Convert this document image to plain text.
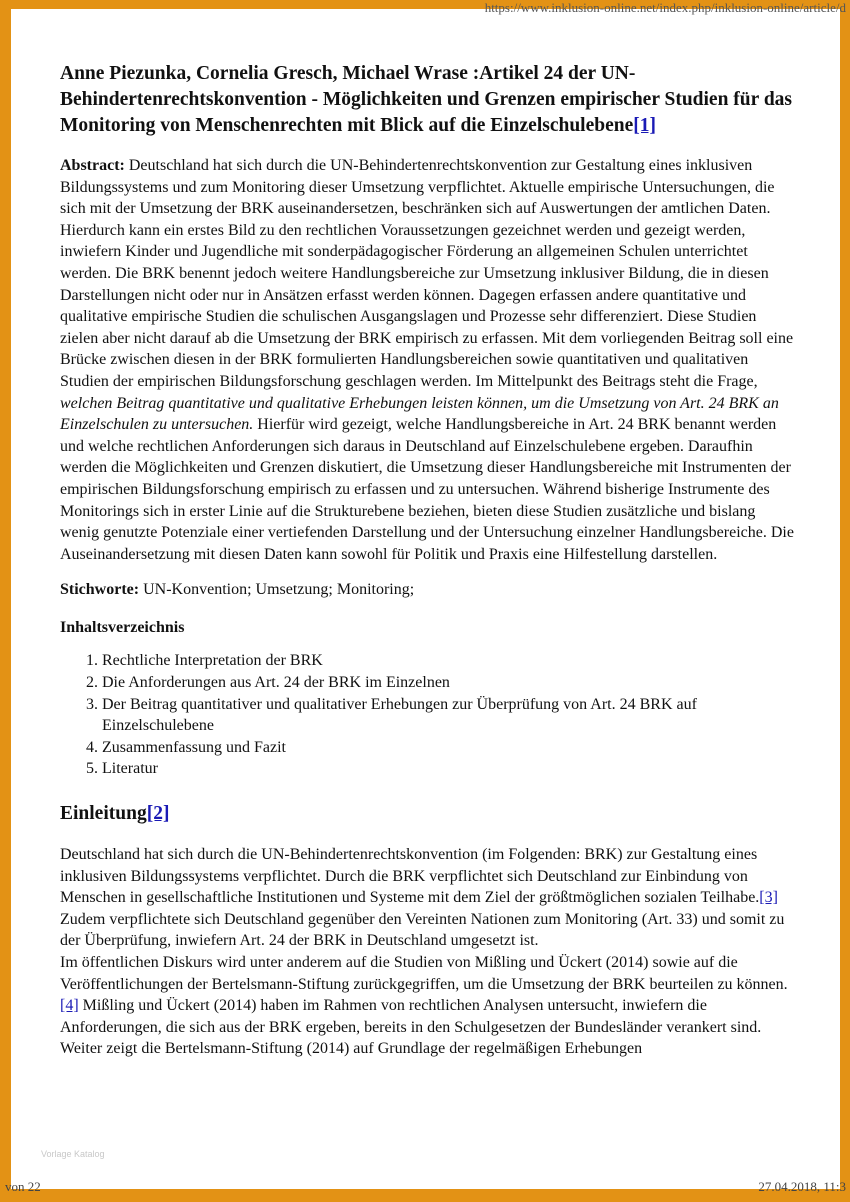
https://www.inklusion-online.net/index.php/inklusion-online/article/d
Anne Piezunka, Cornelia Gresch, Michael Wrase :Artikel 24 der UN-Behindertenrechtskonvention - Möglichkeiten und Grenzen empirischer Studien für das Monitoring von Menschenrechten mit Blick auf die Einzelschulebene[1]

Abstract: Deutschland hat sich durch die UN-Behindertenrechtskonvention zur Gestaltung eines inklusiven Bildungssystems und zum Monitoring dieser Umsetzung verpflichtet. Aktuelle empirische Untersuchungen, die sich mit der Umsetzung der BRK auseinandersetzen, beschränken sich auf Auswertungen der amtlichen Daten. Hierdurch kann ein erstes Bild zu den rechtlichen Voraussetzungen gezeichnet werden und gezeigt werden, inwiefern Kinder und Jugendliche mit sonderpädagogischer Förderung an allgemeinen Schulen unterrichtet werden. Die BRK benennt jedoch weitere Handlungsbereiche zur Umsetzung inklusiver Bildung, die in diesen Darstellungen nicht oder nur in Ansätzen erfasst werden können. Dagegen erfassen andere quantitative und qualitative empirische Studien die schulischen Ausgangslagen und Prozesse sehr differenziert. Diese Studien zielen aber nicht darauf ab die Umsetzung der BRK empirisch zu erfassen. Mit dem vorliegenden Beitrag soll eine Brücke zwischen diesen in der BRK formulierten Handlungsbereichen sowie quantitativen und qualitativen Studien der empirischen Bildungsforschung geschlagen werden. Im Mittelpunkt des Beitrags steht die Frage, welchen Beitrag quantitative und qualitative Erhebungen leisten können, um die Umsetzung von Art. 24 BRK an Einzelschulen zu untersuchen. Hierfür wird gezeigt, welche Handlungsbereiche in Art. 24 BRK benannt werden und welche rechtlichen Anforderungen sich daraus in Deutschland auf Einzelschulebene ergeben. Daraufhin werden die Möglichkeiten und Grenzen diskutiert, die Umsetzung dieser Handlungsbereiche mit Instrumenten der empirischen Bildungsforschung empirisch zu erfassen und zu untersuchen. Während bisherige Instrumente des Monitorings sich in erster Linie auf die Strukturebene beziehen, bieten diese Studien zusätzliche und bislang wenig genutzte Potenziale einer vertiefenden Darstellung und der Untersuchung einzelner Handlungsbereiche. Die Auseinandersetzung mit diesen Daten kann sowohl für Politik und Praxis eine Hilfestellung darstellen.

Stichworte: UN-Konvention; Umsetzung; Monitoring;

Inhaltsverzeichnis

1. Rechtliche Interpretation der BRK
2. Die Anforderungen aus Art. 24 der BRK im Einzelnen
3. Der Beitrag quantitativer und qualitativer Erhebungen zur Überprüfung von Art. 24 BRK auf Einzelschulebene
4. Zusammenfassung und Fazit
5. Literatur
Einleitung[2]

Deutschland hat sich durch die UN-Behindertenrechtskonvention (im Folgenden: BRK) zur Gestaltung eines inklusiven Bildungssystems verpflichtet. Durch die BRK verpflichtet sich Deutschland zur Einbindung von Menschen in gesellschaftliche Institutionen und Systeme mit dem Ziel der größtmöglichen sozialen Teilhabe.[3] Zudem verpflichtete sich Deutschland gegenüber den Vereinten Nationen zum Monitoring (Art. 33) und somit zu der Überprüfung, inwiefern Art. 24 der BRK in Deutschland umgesetzt ist.

Im öffentlichen Diskurs wird unter anderem auf die Studien von Mißling und Ückert (2014) sowie auf die Veröffentlichungen der Bertelsmann-Stiftung zurückgegriffen, um die Umsetzung der BRK beurteilen zu können.[4] Mißling und Ückert (2014) haben im Rahmen von rechtlichen Analysen untersucht, inwiefern die Anforderungen, die sich aus der BRK ergeben, bereits in den Schulgesetzen der Bundesländer verankert sind. Weiter zeigt die Bertelsmann-Stiftung (2014) auf Grundlage der regelmäßigen Erhebungen

Vorlage Katalog
von 22	27.04.2018, 11:3
